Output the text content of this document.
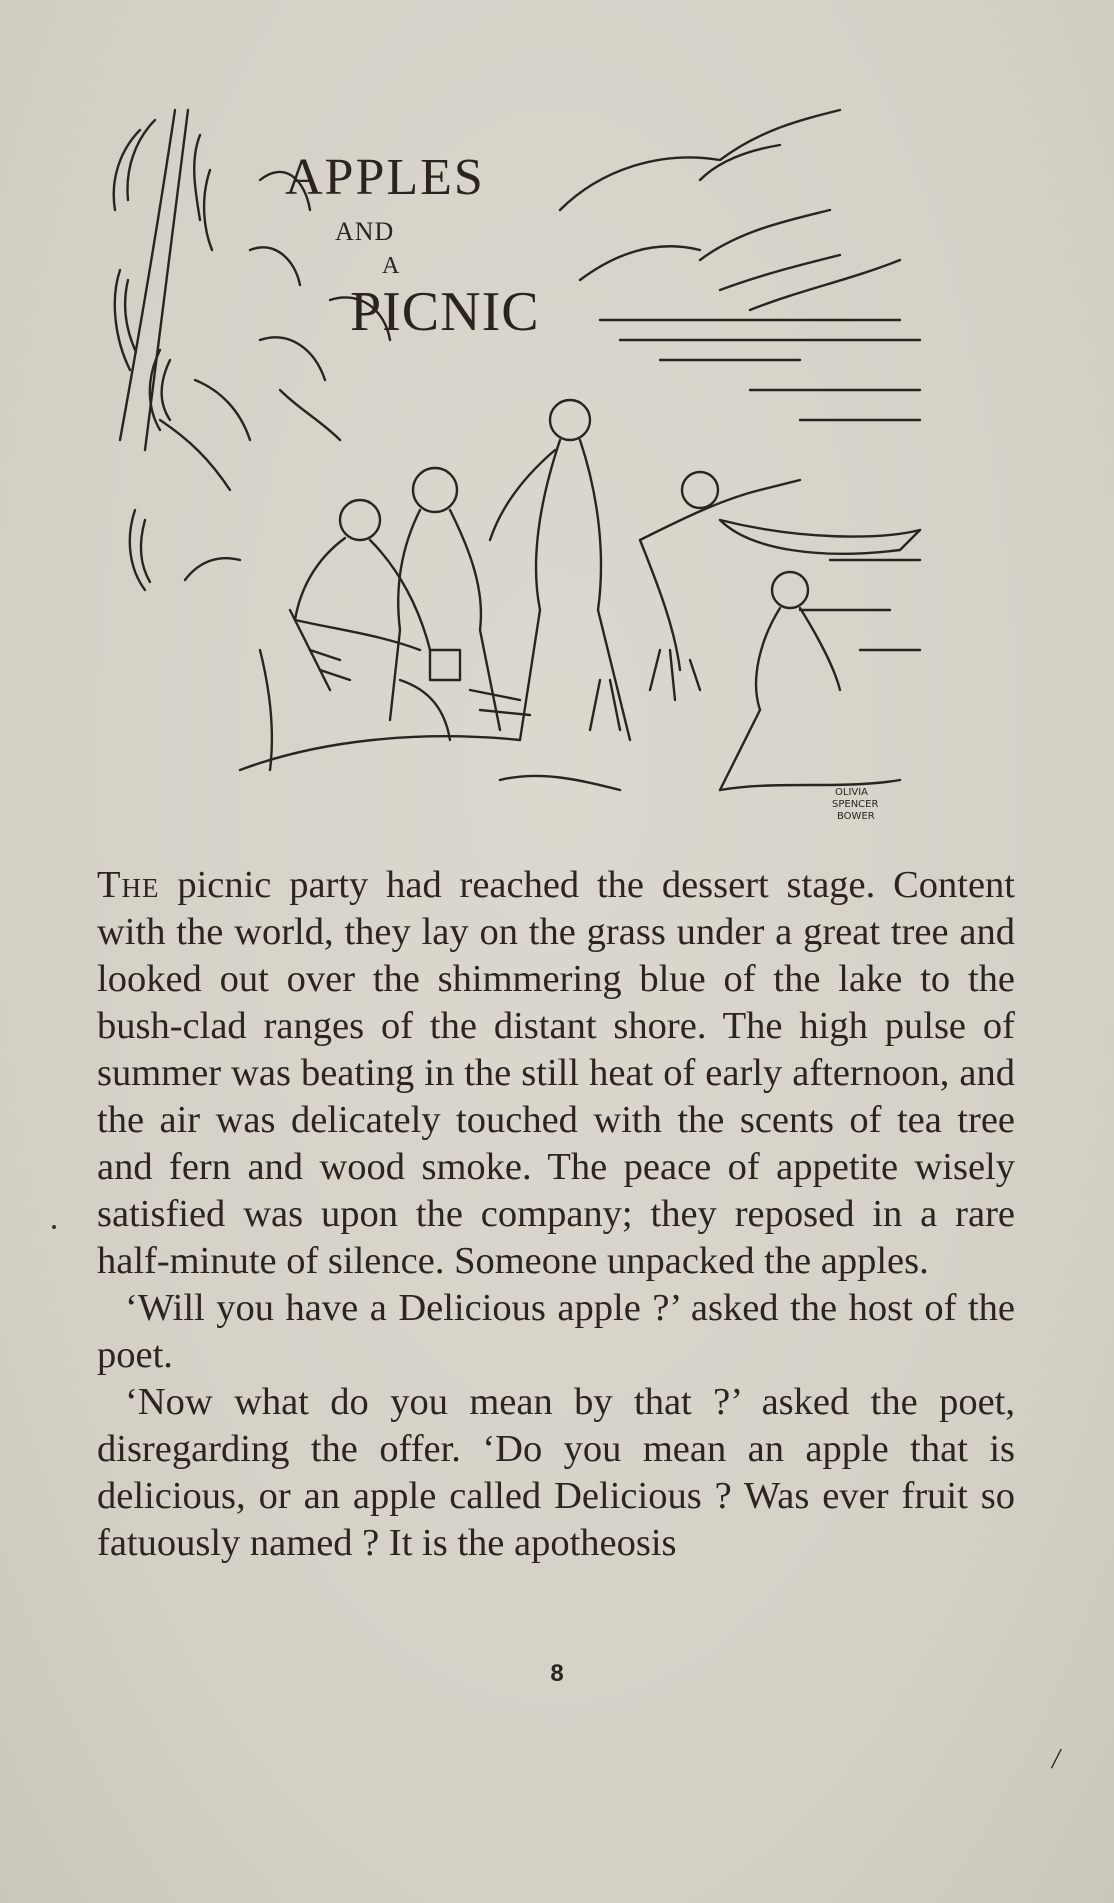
APPLES
AND
A
PICNIC
OLIVIA
SPENCER
BOWER

The picnic party had reached the dessert stage. Content with the world, they lay on the grass under a great tree and looked out over the shimmering blue of the lake to the bush-clad ranges of the distant shore. The high pulse of summer was beating in the still heat of early afternoon, and the air was delicately touched with the scents of tea tree and fern and wood smoke. The peace of appetite wisely satisfied was upon the company; they reposed in a rare half-minute of silence. Someone unpacked the apples.

‘Will you have a Delicious apple ?’ asked the host of the poet.

‘Now what do you mean by that ?’ asked the poet, disregarding the offer. ‘Do you mean an apple that is delicious, or an apple called Delicious ? Was ever fruit so fatuously named ? It is the apotheosis

8
/
